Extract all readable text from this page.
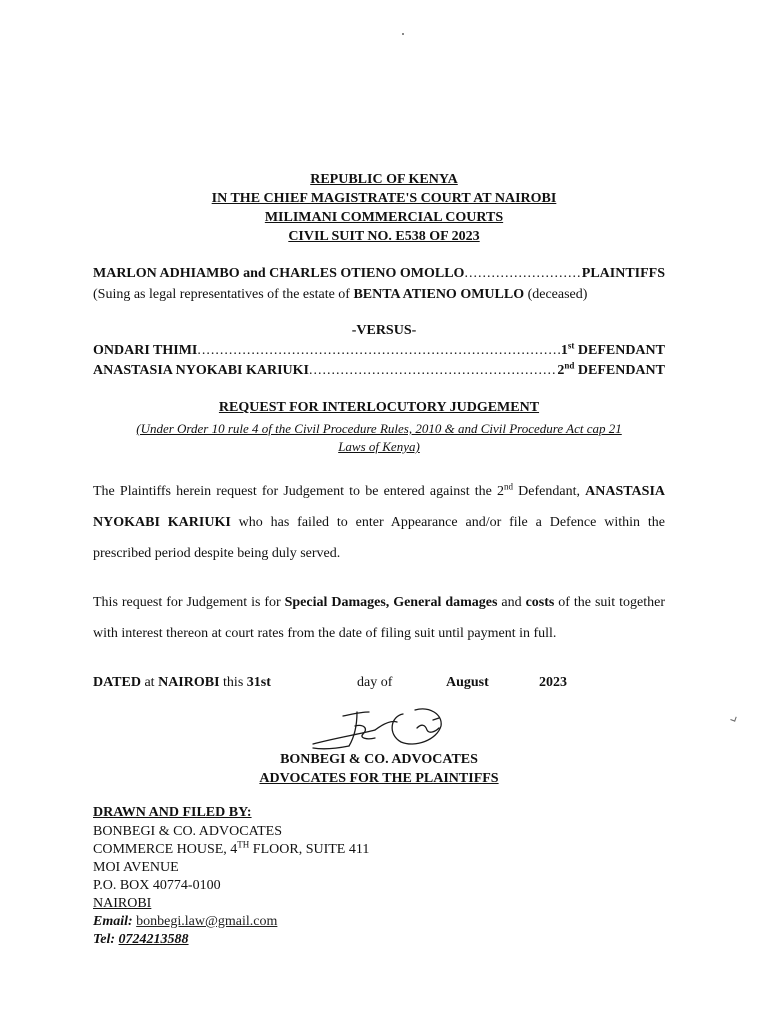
REPUBLIC OF KENYA
IN THE CHIEF MAGISTRATE'S COURT AT NAIROBI
MILIMANI COMMERCIAL COURTS
CIVIL SUIT NO. E538 OF 2023
MARLON ADHIAMBO and CHARLES OTIENO OMOLLO .....	PLAINTIFFS
(Suing as legal representatives of the estate of BENTA ATIENO OMULLO (deceased)
-VERSUS-
ONDARI THIMI .....	1st DEFENDANT
ANASTASIA NYOKABI KARIUKI .....	2nd DEFENDANT
REQUEST FOR INTERLOCUTORY JUDGEMENT
(Under Order 10 rule 4 of the Civil Procedure Rules, 2010 & and Civil Procedure Act cap 21
Laws of Kenya)
The Plaintiffs herein request for Judgement to be entered against the 2nd Defendant, ANASTASIA NYOKABI KARIUKI who has failed to enter Appearance and/or file a Defence within the prescribed period despite being duly served.
This request for Judgement is for Special Damages, General damages and costs of the suit together with interest thereon at court rates from the date of filing suit until payment in full.
DATED at NAIROBI this 31st	day of	August	2023
BONBEGI & CO. ADVOCATES
ADVOCATES FOR THE PLAINTIFFS
DRAWN AND FILED BY:
BONBEGI & CO. ADVOCATES
COMMERCE HOUSE, 4TH FLOOR, SUITE 411
MOI AVENUE
P.O. BOX 40774-0100
NAIROBI
Email: bonbegi.law@gmail.com
Tel: 0724213588
